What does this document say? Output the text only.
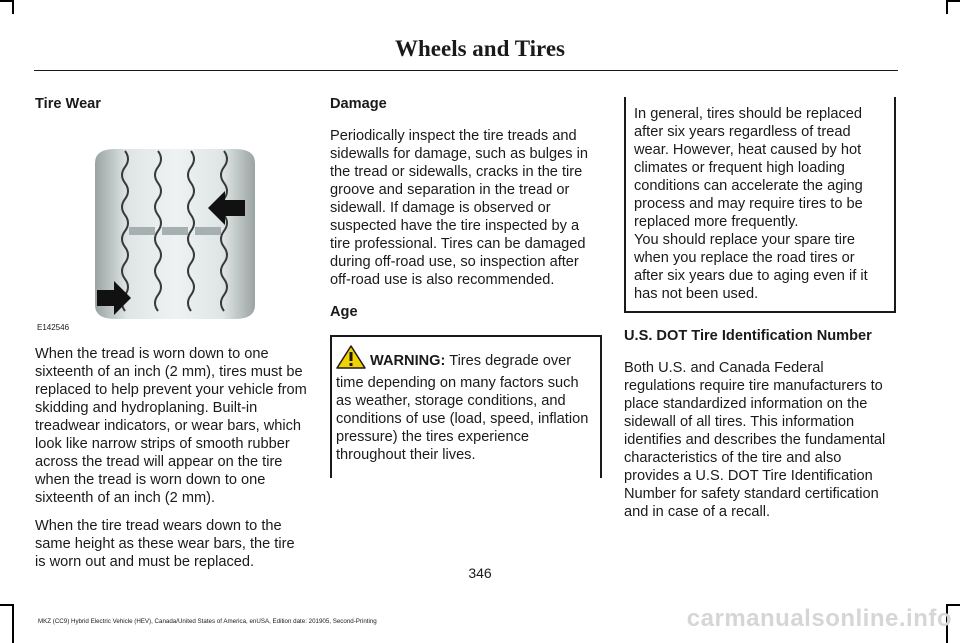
Wheels and Tires
Tire Wear
E142546

When the tread is worn down to one sixteenth of an inch (2 mm), tires must be replaced to help prevent your vehicle from skidding and hydroplaning. Built-in treadwear indicators, or wear bars, which look like narrow strips of smooth rubber across the tread will appear on the tire when the tread is worn down to one sixteenth of an inch (2 mm).

When the tire tread wears down to the same height as these wear bars, the tire is worn out and must be replaced.

Damage

Periodically inspect the tire treads and sidewalls for damage, such as bulges in the tread or sidewalls, cracks in the tire groove and separation in the tread or sidewall. If damage is observed or suspected have the tire inspected by a tire professional. Tires can be damaged during off-road use, so inspection after off-road use is also recommended.

Age
WARNING: Tires degrade over time depending on many factors such as weather, storage conditions, and conditions of use (load, speed, inflation pressure) the tires experience throughout their lives.

In general, tires should be replaced after six years regardless of tread wear. However, heat caused by hot climates or frequent high loading conditions can accelerate the aging process and may require tires to be replaced more frequently.

You should replace your spare tire when you replace the road tires or after six years due to aging even if it has not been used.

U.S. DOT Tire Identification Number

Both U.S. and Canada Federal regulations require tire manufacturers to place standardized information on the sidewall of all tires. This information identifies and describes the fundamental characteristics of the tire and also provides a U.S. DOT Tire Identification Number for safety standard certification and in case of a recall.

346
MKZ (CC9) Hybrid Electric Vehicle (HEV), Canada/United States of America, enUSA, Edition date: 201905, Second-Printing	carmanualsonline.info
